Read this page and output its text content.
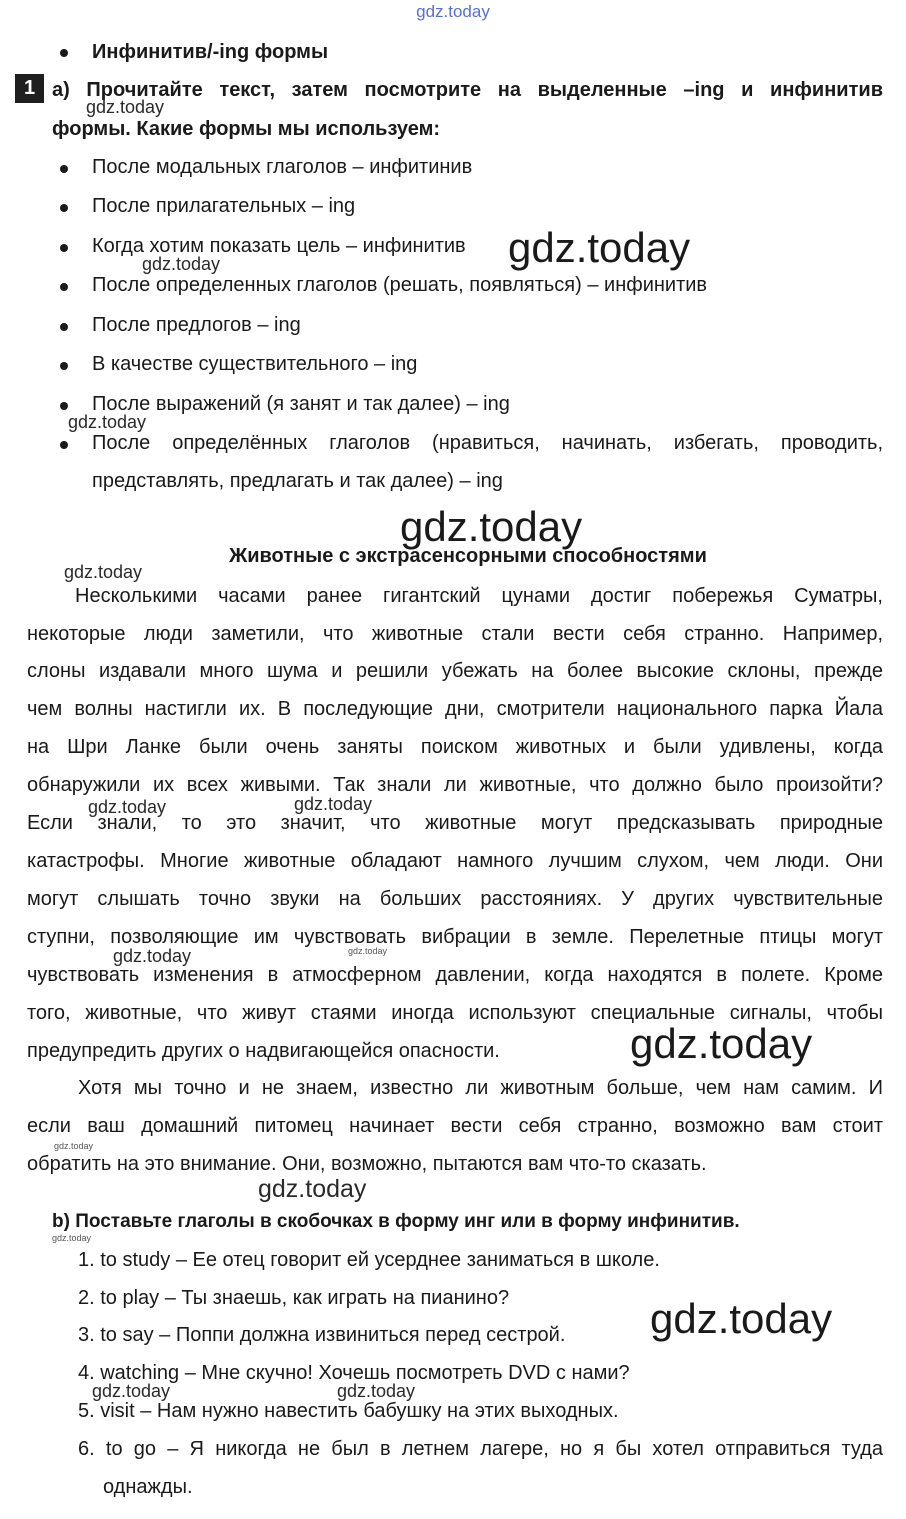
gdz.today
Инфинитив/-ing формы
1 a) Прочитайте текст, затем посмотрите на выделенные –ing и инфинитив
формы. Какие формы мы используем:
После модальных глаголов – инфитинив
После прилагательных – ing
Когда хотим показать цель – инфинитив
После определенных глаголов (решать, появляться) – инфинитив
После предлогов – ing
В качестве существительного – ing
После выражений (я занят и так далее) – ing
После определённых глаголов (нравиться, начинать, избегать, проводить,
представлять, предлагать и так далее) – ing
Животные с экстрасенсорными способностями
Несколькими часами ранее гигантский цунами достиг побережья Суматры,
некоторые люди заметили, что животные стали вести себя странно. Например,
слоны издавали много шума и решили убежать на более высокие склоны, прежде
чем волны настигли их. В последующие дни, смотрители национального парка Йала
на Шри Ланке были очень заняты поиском животных и были удивлены, когда
обнаружили их всех живыми. Так знали ли животные, что должно было произойти?
Если знали, то это значит, что животные могут предсказывать природные
катастрофы. Многие животные обладают намного лучшим слухом, чем люди. Они
могут слышать точно звуки на больших расстояниях. У других чувствительные
ступни, позволяющие им чувствовать вибрации в земле. Перелетные птицы могут
чувствовать изменения в атмосферном давлении, когда находятся в полете. Кроме
того, животные, что живут стаями иногда используют специальные сигналы, чтобы
предупредить других о надвигающейся опасности.
Хотя мы точно и не знаем, известно ли животным больше, чем нам самим. И
если ваш домашний питомец начинает вести себя странно, возможно вам стоит
обратить на это внимание. Они, возможно, пытаются вам что-то сказать.
b) Поставьте глаголы в скобочках в форму инг или в форму инфинитив.
1. to study – Ее отец говорит ей усерднее заниматься в школе.
2. to play – Ты знаешь, как играть на пианино?
3. to say – Поппи должна извиниться перед сестрой.
4. watching – Мне скучно! Хочешь посмотреть DVD с нами?
5. visit – Нам нужно навестить бабушку на этих выходных.
6. to go – Я никогда не был в летнем лагере, но я бы хотел отправиться туда
однажды.
gdz.today
gdz.today
gdz.today
gdz.today
gdz.today
gdz.today
gdz.today	gdz.today
gdz.today
gdz.today
gdz.today
gdz.today
gdz.today
gdz.today
gdz.today
gdz.today	gdz.today
